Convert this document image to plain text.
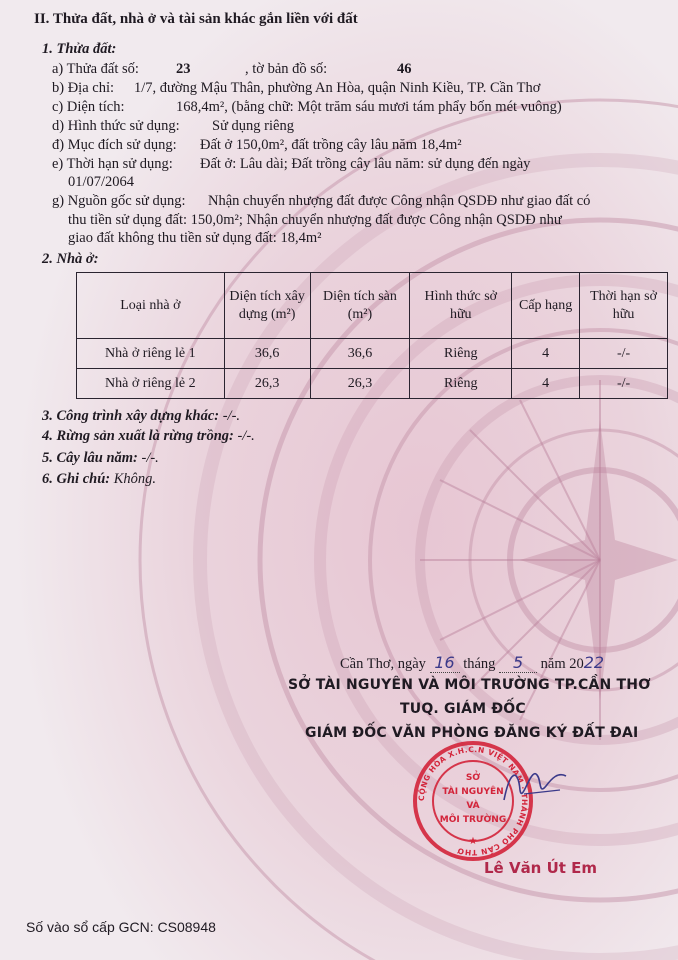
II. Thửa đất, nhà ở và tài sản khác gắn liền với đất
1. Thửa đất:
a) Thửa đất số:	23	, tờ bản đồ số:	46
b) Địa chỉ: 1/7, đường Mậu Thân, phường An Hòa, quận Ninh Kiều, TP. Cần Thơ
c) Diện tích:	168,4m², (bằng chữ: Một trăm sáu mươi tám phẩy bốn mét vuông)
d) Hình thức sử dụng: Sử dụng riêng
đ) Mục đích sử dụng: Đất ở 150,0m², đất trồng cây lâu năm 18,4m²
e) Thời hạn sử dụng: Đất ở: Lâu dài; Đất trồng cây lâu năm: sử dụng đến ngày
01/07/2064
g) Nguồn gốc sử dụng: Nhận chuyển nhượng đất được Công nhận QSDĐ như giao đất có
thu tiền sử dụng đất: 150,0m²; Nhận chuyển nhượng đất được Công nhận QSDĐ như
giao đất không thu tiền sử dụng đất: 18,4m²
2. Nhà ở:
Loại nhà ở	Diện tích xây dựng (m²)	Diện tích sàn (m²)	Hình thức sở hữu	Cấp hạng	Thời hạn sở hữu
Nhà ở riêng lẻ 1	36,6	36,6	Riêng	4	-/-
Nhà ở riêng lẻ 2	26,3	26,3	Riêng	4	-/-
3. Công trình xây dựng khác: -/-.
4. Rừng sản xuất là rừng trồng: -/-.
5. Cây lâu năm: -/-.
6. Ghi chú: Không.
Cần Thơ, ngày 16 tháng 5 năm 2022
SỞ TÀI NGUYÊN VÀ MÔI TRƯỜNG TP.CẦN THƠ
TUQ. GIÁM ĐỐC
GIÁM ĐỐC VĂN PHÒNG ĐĂNG KÝ ĐẤT ĐAI
CỘNG HÒA X.H.C.N VIỆT NAM · THÀNH PHỐ CẦN THƠ
SỞ
TÀI NGUYÊN
VÀ
MÔI TRƯỜNG
★
Lê Văn Út Em
Số vào sổ cấp GCN: CS08948
